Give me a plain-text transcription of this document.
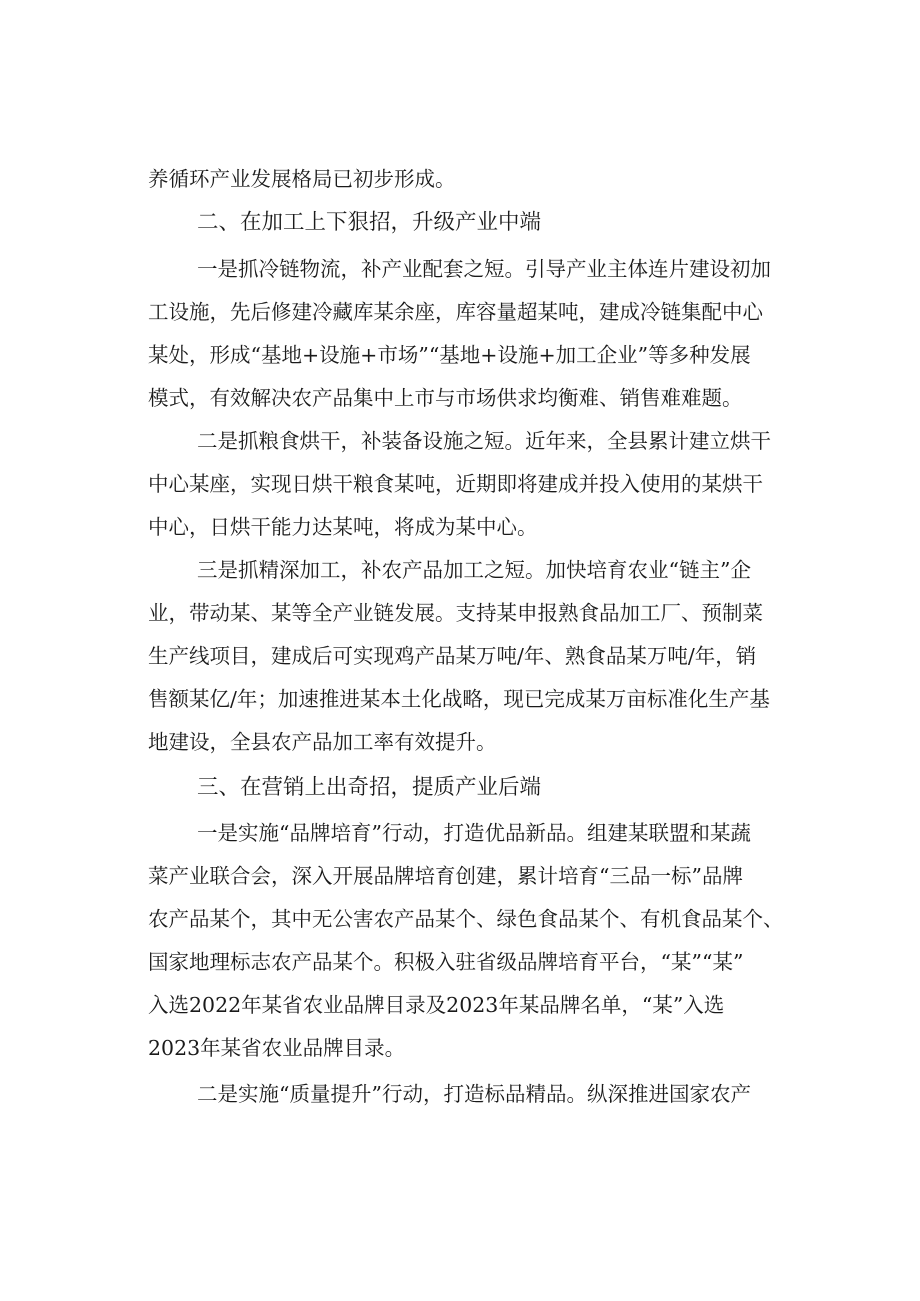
养循环产业发展格局已初步形成。
二、在加工上下狠招，升级产业中端
一是抓冷链物流，补产业配套之短。引导产业主体连片建设初加
工设施，先后修建冷藏库某余座，库容量超某吨，建成冷链集配中心
某处，形成“基地+设施+市场”“基地+设施+加工企业”等多种发展
模式，有效解决农产品集中上市与市场供求均衡难、销售难难题。
二是抓粮食烘干，补装备设施之短。近年来，全县累计建立烘干
中心某座，实现日烘干粮食某吨，近期即将建成并投入使用的某烘干
中心，日烘干能力达某吨，将成为某中心。
三是抓精深加工，补农产品加工之短。加快培育农业“链主”企
业，带动某、某等全产业链发展。支持某申报熟食品加工厂、预制菜
生产线项目，建成后可实现鸡产品某万吨/年、熟食品某万吨/年，销
售额某亿/年；加速推进某本土化战略，现已完成某万亩标准化生产基
地建设，全县农产品加工率有效提升。
三、在营销上出奇招，提质产业后端
一是实施“品牌培育”行动，打造优品新品。组建某联盟和某蔬
菜产业联合会，深入开展品牌培育创建，累计培育“三品一标”品牌
农产品某个，其中无公害农产品某个、绿色食品某个、有机食品某个、
国家地理标志农产品某个。积极入驻省级品牌培育平台，“某”“某”
入选2022年某省农业品牌目录及2023年某品牌名单，“某”入选
2023年某省农业品牌目录。
二是实施“质量提升”行动，打造标品精品。纵深推进国家农产
